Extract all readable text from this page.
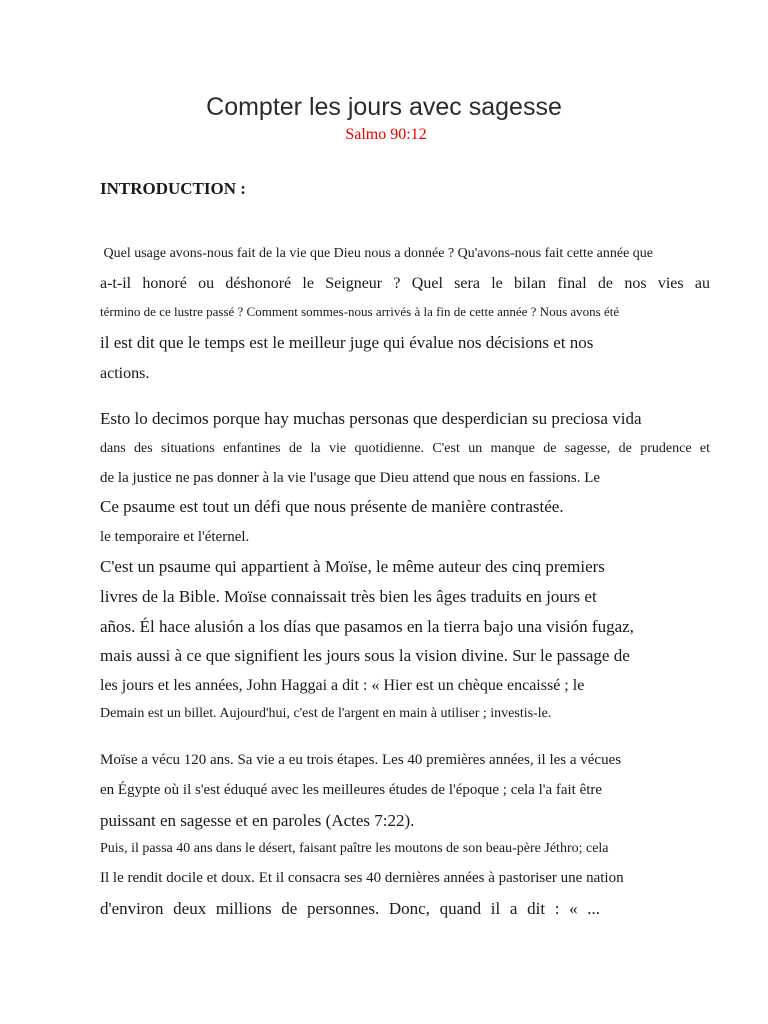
Compter les jours avec sagesse
Salmo 90:12
INTRODUCTION :
Quel usage avons-nous fait de la vie que Dieu nous a donnée ? Qu'avons-nous fait cette année que
a-t-il honoré ou déshonoré le Seigneur ? Quel sera le bilan final de nos vies au
término de ce lustre passé ? Comment sommes-nous arrivés à la fin de cette année ? Nous avons été
il est dit que le temps est le meilleur juge qui évalue nos décisions et nos
actions.
Esto lo decimos porque hay muchas personas que desperdician su preciosa vida
dans des situations enfantines de la vie quotidienne. C'est un manque de sagesse, de prudence et
de la justice ne pas donner à la vie l'usage que Dieu attend que nous en fassions. Le
Ce psaume est tout un défi que nous présente de manière contrastée.
le temporaire et l'éternel.
C'est un psaume qui appartient à Moïse, le même auteur des cinq premiers
livres de la Bible. Moïse connaissait très bien les âges traduits en jours et
años. Él hace alusión a los días que pasamos en la tierra bajo una visión fugaz,
mais aussi à ce que signifient les jours sous la vision divine. Sur le passage de
les jours et les années, John Haggai a dit : « Hier est un chèque encaissé ; le
Demain est un billet. Aujourd'hui, c'est de l'argent en main à utiliser ; investis-le.
Moïse a vécu 120 ans. Sa vie a eu trois étapes. Les 40 premières années, il les a vécues
en Égypte où il s'est éduqué avec les meilleures études de l'époque ; cela l'a fait être
puissant en sagesse et en paroles (Actes 7:22).
Puis, il passa 40 ans dans le désert, faisant paître les moutons de son beau-père Jéthro; cela
Il le rendit docile et doux. Et il consacra ses 40 dernières années à pastoriser une nation
d'environ deux millions de personnes. Donc, quand il a dit : « ...
